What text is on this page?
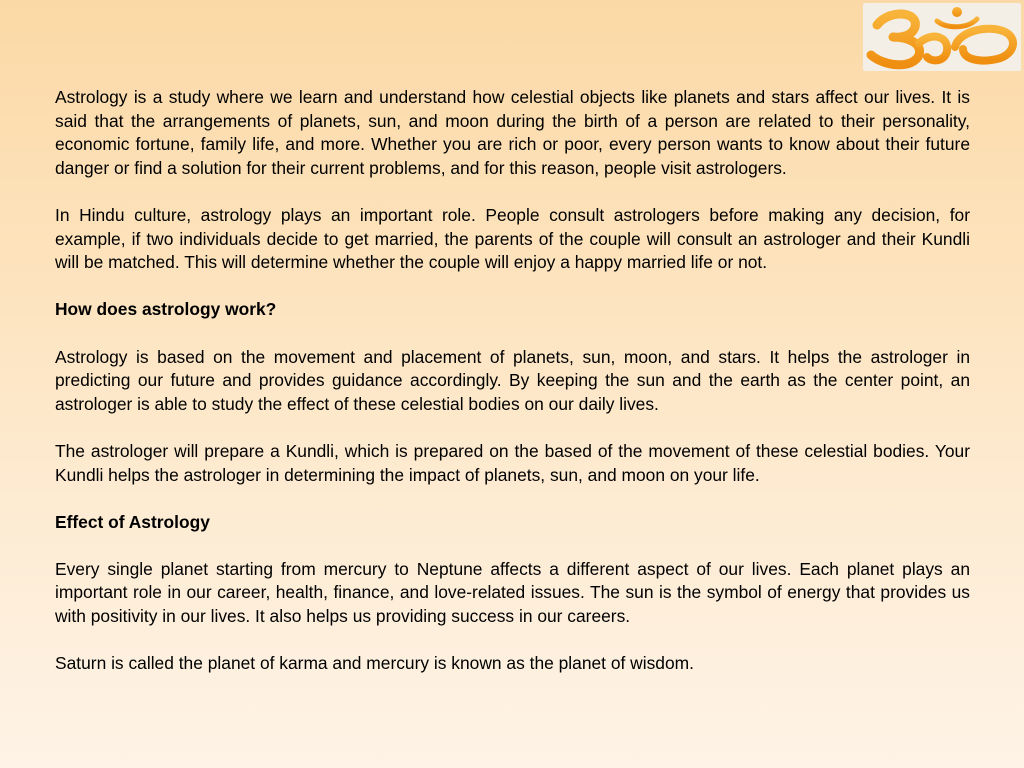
Astrology is a study where we learn and understand how celestial objects like planets and stars affect our lives. It is said that the arrangements of planets, sun, and moon during the birth of a person are related to their personality, economic fortune, family life, and more. Whether you are rich or poor, every person wants to know about their future danger or find a solution for their current problems, and for this reason, people visit astrologers.

In Hindu culture, astrology plays an important role. People consult astrologers before making any decision, for example, if two individuals decide to get married, the parents of the couple will consult an astrologer and their Kundli will be matched. This will determine whether the couple will enjoy a happy married life or not.

How does astrology work?

Astrology is based on the movement and placement of planets, sun, moon, and stars. It helps the astrologer in predicting our future and provides guidance accordingly. By keeping the sun and the earth as the center point, an astrologer is able to study the effect of these celestial bodies on our daily lives.

The astrologer will prepare a Kundli, which is prepared on the based of the movement of these celestial bodies. Your Kundli helps the astrologer in determining the impact of planets, sun, and moon on your life.

Effect of Astrology

Every single planet starting from mercury to Neptune affects a different aspect of our lives. Each planet plays an important role in our career, health, finance, and love-related issues. The sun is the symbol of energy that provides us with positivity in our lives. It also helps us providing success in our careers.

Saturn is called the planet of karma and mercury is known as the planet of wisdom.
